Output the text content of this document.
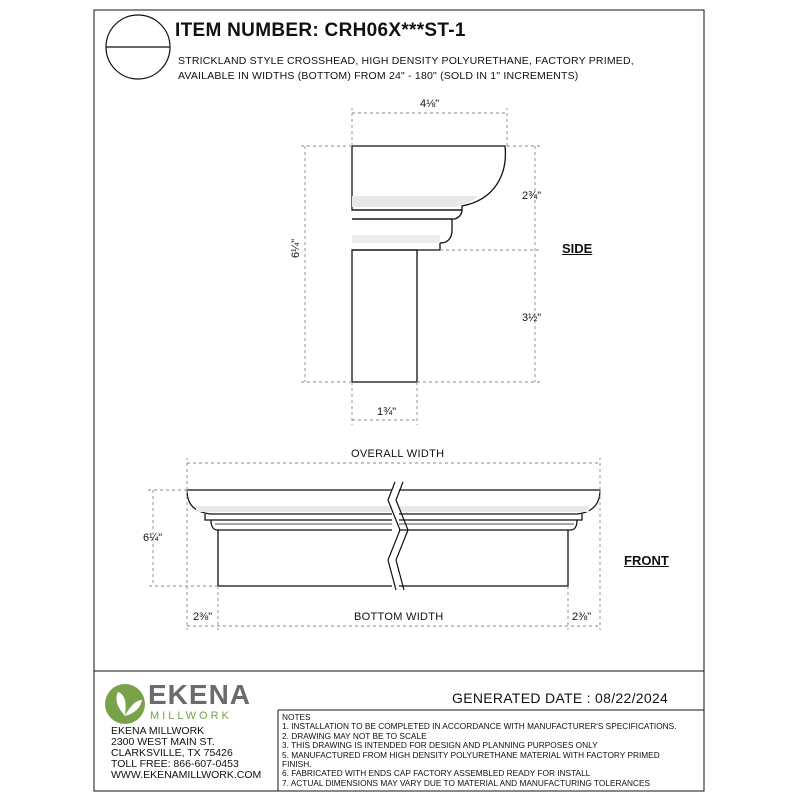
ITEM NUMBER: CRH06X***ST-1
STRICKLAND STYLE CROSSHEAD, HIGH DENSITY POLYURETHANE, FACTORY PRIMED,
AVAILABLE IN WIDTHS (BOTTOM) FROM 24" - 180" (SOLD IN 1" INCREMENTS)
4⅛"
6¼"
2¾"
3½"
1¾"
SIDE
OVERALL WIDTH
6¼"
2⅜"	BOTTOM WIDTH	2⅜"
FRONT
EKENA
MILLWORK
EKENA MILLWORK
2300 WEST MAIN ST.
CLARKSVILLE, TX 75426
TOLL FREE: 866-607-0453
WWW.EKENAMILLWORK.COM
GENERATED DATE : 08/22/2024
NOTES
1. INSTALLATION TO BE COMPLETED IN ACCORDANCE WITH MANUFACTURER'S SPECIFICATIONS.
2. DRAWING MAY NOT BE TO SCALE
3. THIS DRAWING IS INTENDED FOR DESIGN AND PLANNING PURPOSES ONLY
5. MANUFACTURED FROM HIGH DENSITY POLYURETHANE MATERIAL WITH FACTORY PRIMED
FINISH.
6. FABRICATED WITH ENDS CAP FACTORY ASSEMBLED READY FOR INSTALL
7. ACTUAL DIMENSIONS MAY VARY DUE TO MATERIAL AND MANUFACTURING TOLERANCES
